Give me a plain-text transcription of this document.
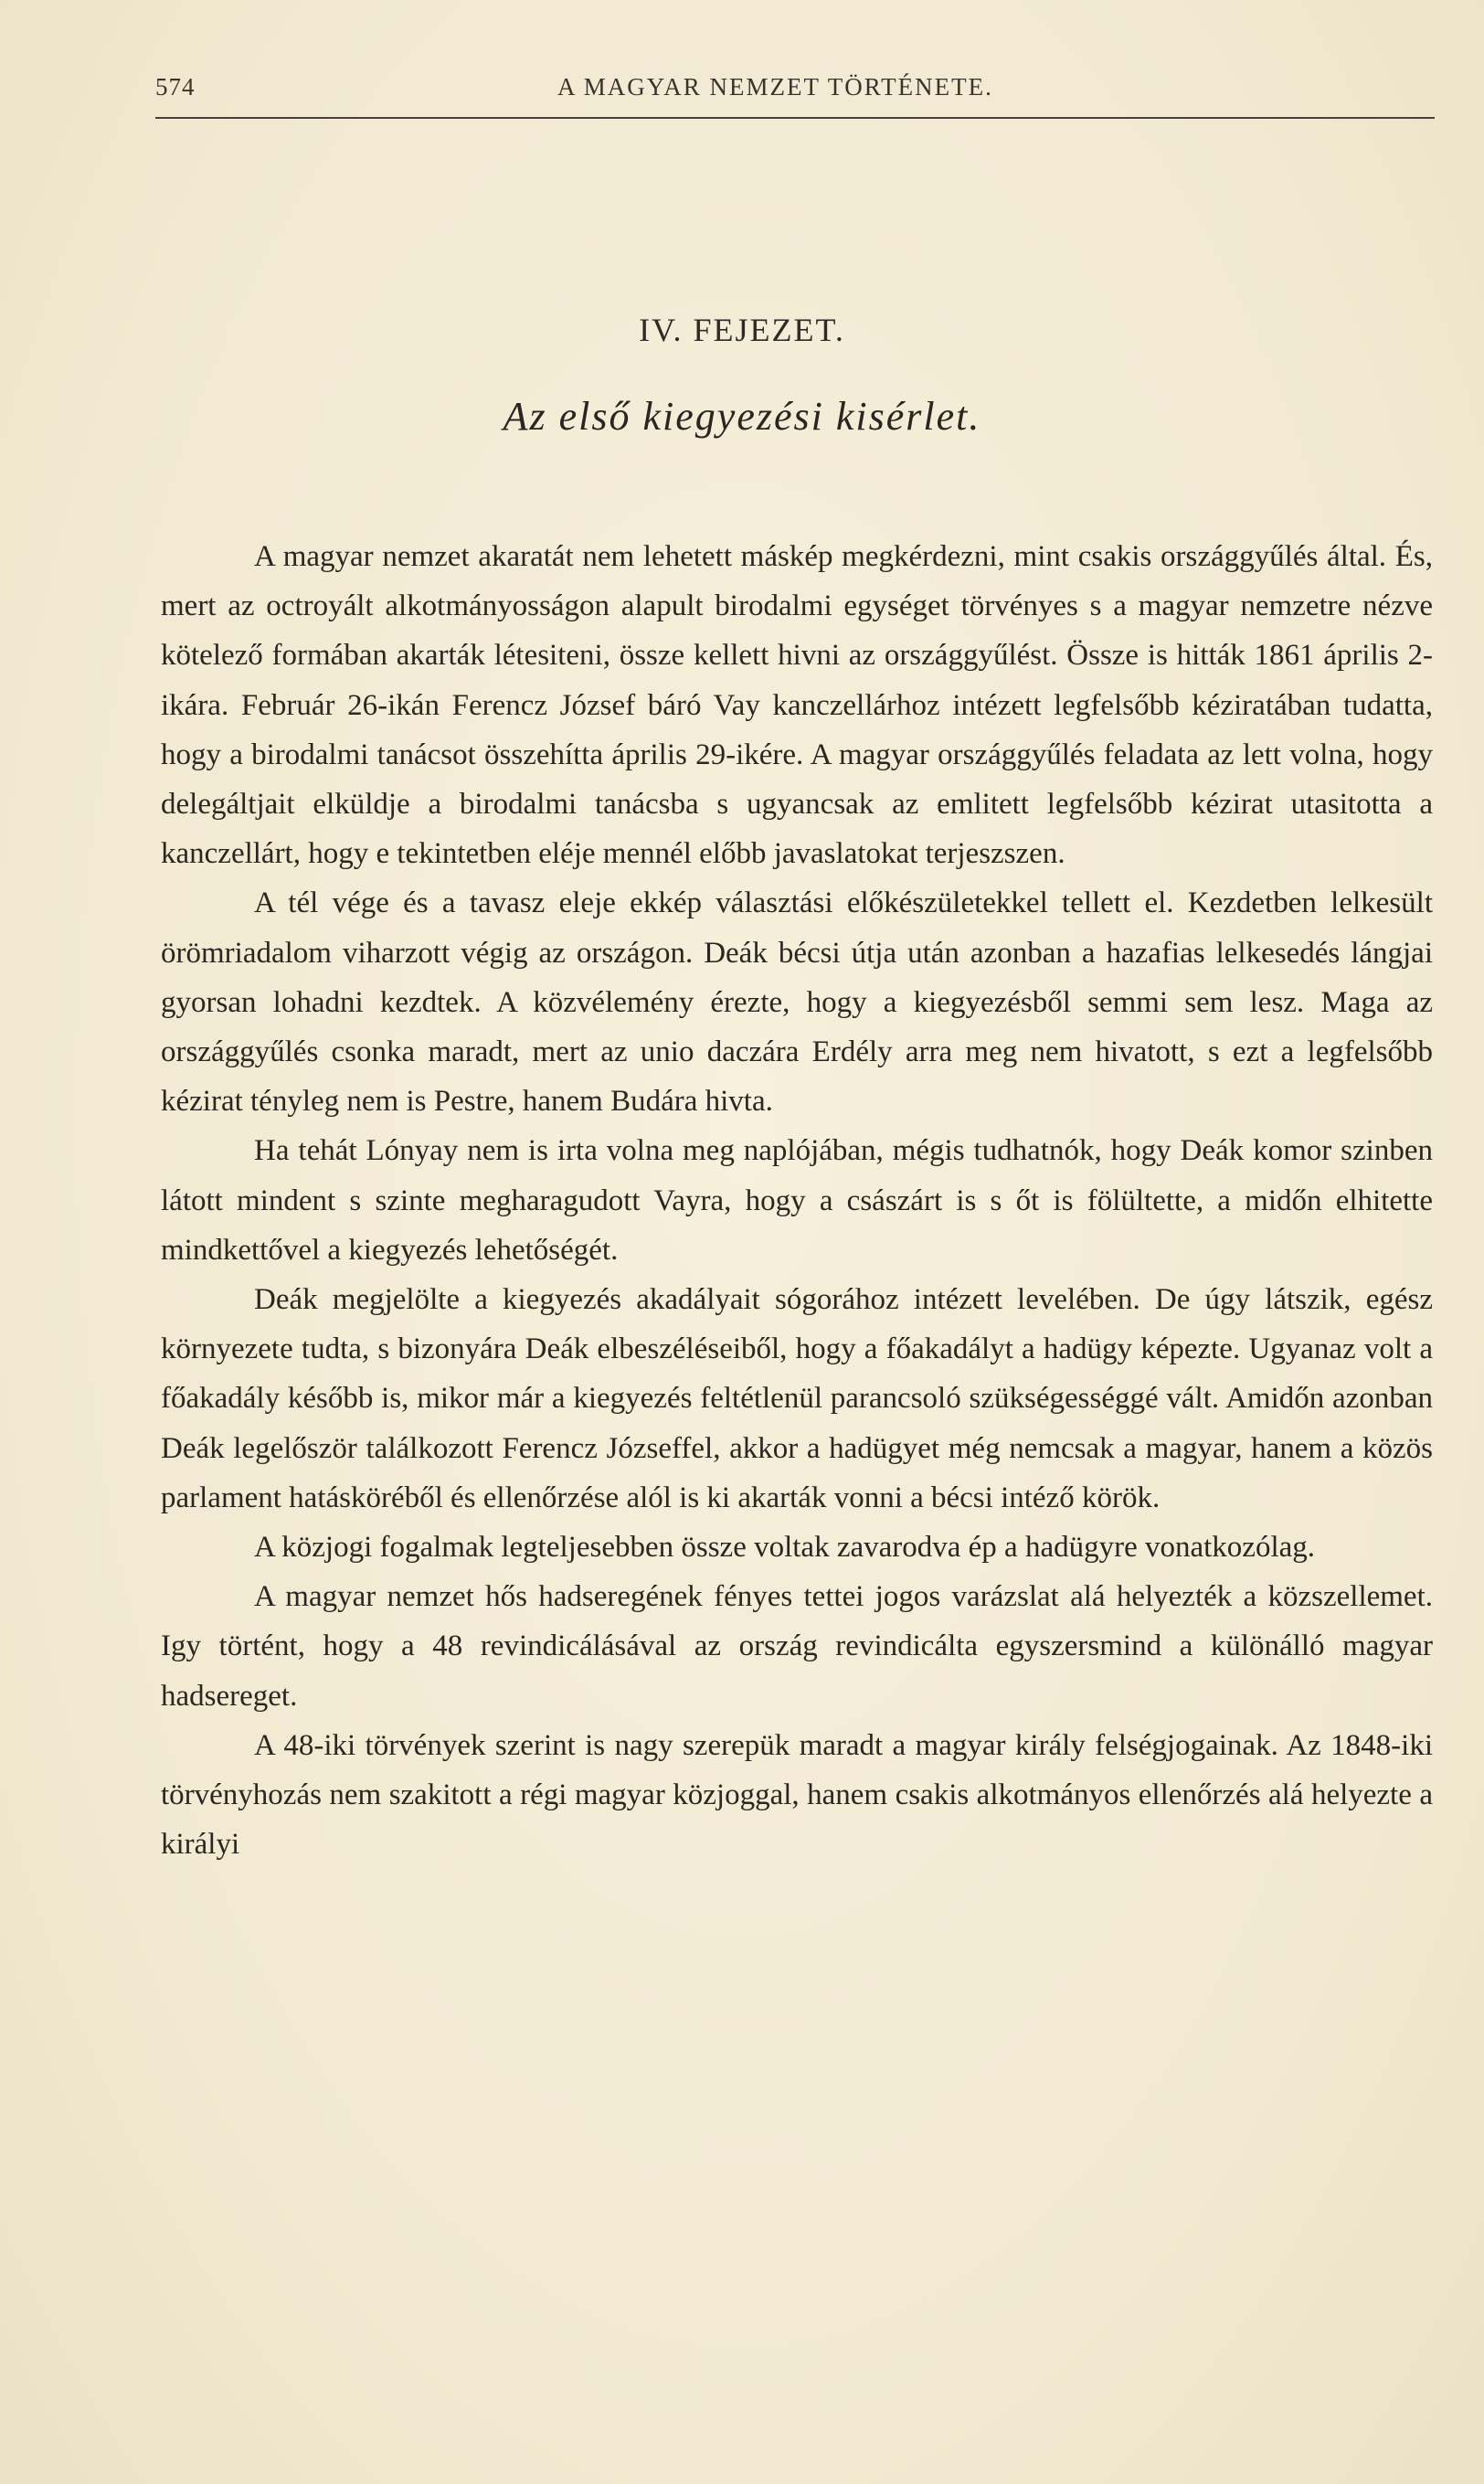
574	A MAGYAR NEMZET TÖRTÉNETE.
IV. FEJEZET.
Az első kiegyezési kisérlet.

A magyar nemzet akaratát nem lehetett máskép megkérdezni, mint csakis országgyűlés által. És, mert az octroyált alkotmányosságon alapult birodalmi egységet törvényes s a magyar nemzetre nézve kötelező formában akarták létesiteni, össze kellett hivni az országgyűlést. Össze is hitták 1861 április 2-ikára. Február 26-ikán Ferencz József báró Vay kanczellárhoz intézett legfelsőbb kéziratában tudatta, hogy a birodalmi tanácsot összehítta április 29-ikére. A magyar országgyűlés feladata az lett volna, hogy delegáltjait elküldje a birodalmi tanácsba s ugyancsak az emlitett legfelsőbb kézirat utasitotta a kanczellárt, hogy e tekintetben eléje mennél előbb javaslatokat terjeszszen.

A tél vége és a tavasz eleje ekkép választási előkészületekkel tellett el. Kezdetben lelkesült örömriadalom viharzott végig az országon. Deák bécsi útja után azonban a hazafias lelkesedés lángjai gyorsan lohadni kezdtek. A közvélemény érezte, hogy a kiegyezésből semmi sem lesz. Maga az országgyűlés csonka maradt, mert az unio daczára Erdély arra meg nem hivatott, s ezt a legfelsőbb kézirat tényleg nem is Pestre, hanem Budára hivta.

Ha tehát Lónyay nem is irta volna meg naplójában, mégis tudhatnók, hogy Deák komor szinben látott mindent s szinte megharagudott Vayra, hogy a császárt is s őt is fölültette, a midőn elhitette mindkettővel a kiegyezés lehetőségét.

Deák megjelölte a kiegyezés akadályait sógorához intézett levelében. De úgy látszik, egész környezete tudta, s bizonyára Deák elbeszéléseiből, hogy a főakadályt a hadügy képezte. Ugyanaz volt a főakadály később is, mikor már a kiegyezés feltétlenül parancsoló szükségességgé vált. Amidőn azonban Deák legelőször találkozott Ferencz Józseffel, akkor a hadügyet még nemcsak a magyar, hanem a közös parlament hatásköréből és ellenőrzése alól is ki akarták vonni a bécsi intéző körök.

A közjogi fogalmak legteljesebben össze voltak zavarodva ép a hadügyre vonatkozólag.

A magyar nemzet hős hadseregének fényes tettei jogos varázslat alá helyezték a közszellemet. Igy történt, hogy a 48 revindicálásával az ország revindicálta egyszersmind a különálló magyar hadsereget.

A 48-iki törvények szerint is nagy szerepük maradt a magyar király felségjogainak. Az 1848-iki törvényhozás nem szakitott a régi magyar közjoggal, hanem csakis alkotmányos ellenőrzés alá helyezte a királyi
